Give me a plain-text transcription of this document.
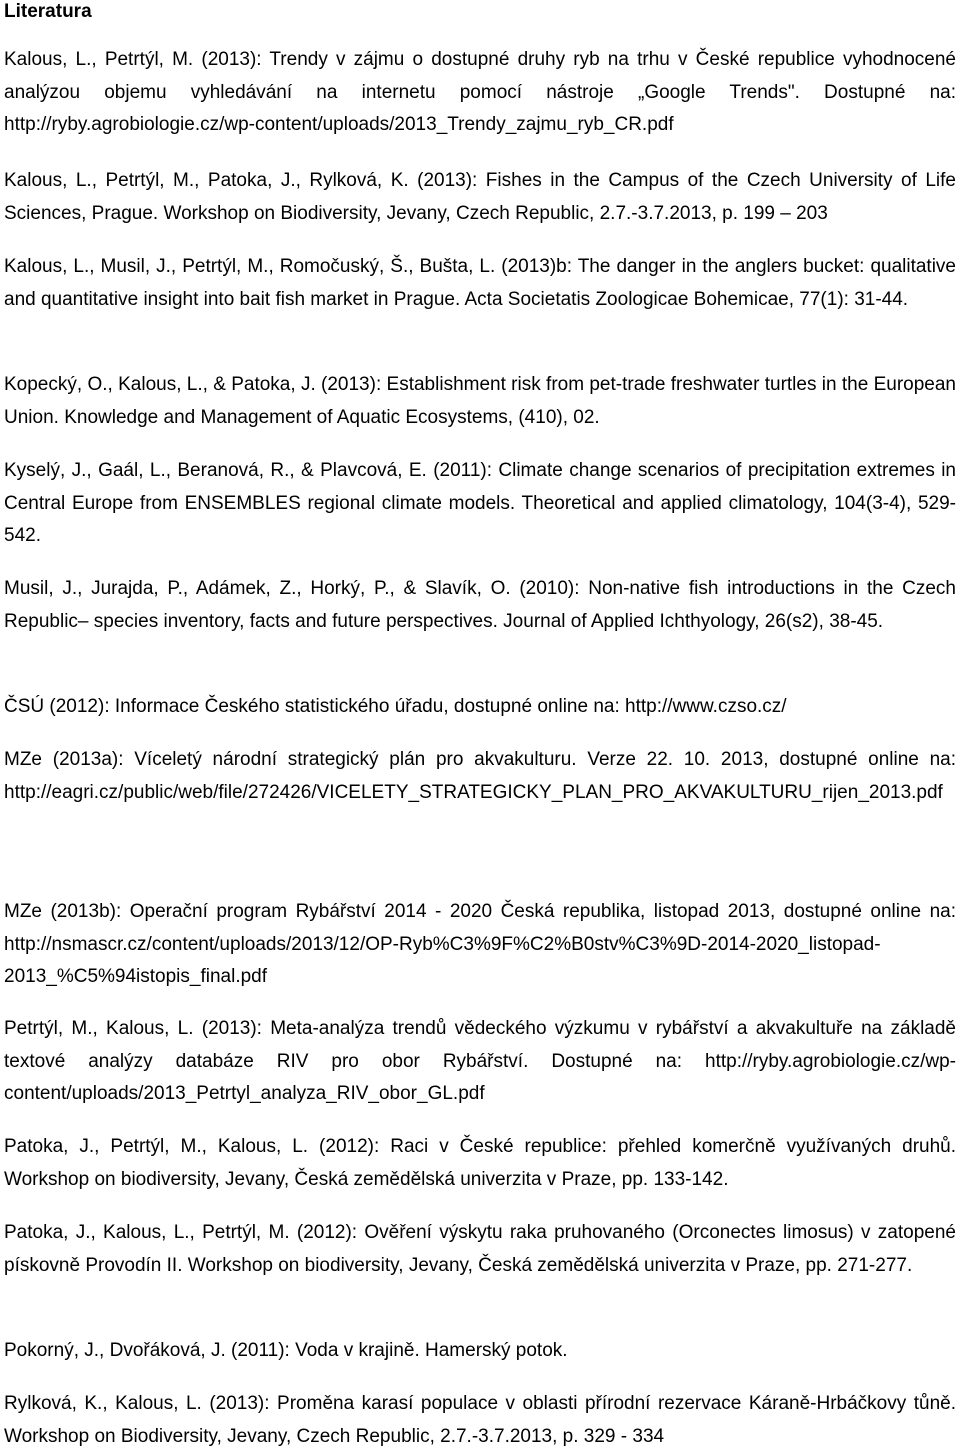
Literatura

Kalous, L., Petrtýl, M. (2013): Trendy v zájmu o dostupné druhy ryb na trhu v České republice vyhodnocené analýzou objemu vyhledávání na internetu pomocí nástroje „Google Trends". Dostupné na: http://ryby.agrobiologie.cz/wp-content/uploads/2013_Trendy_zajmu_ryb_CR.pdf

Kalous, L., Petrtýl, M., Patoka, J., Rylková, K. (2013): Fishes in the Campus of the Czech University of Life Sciences, Prague. Workshop on Biodiversity, Jevany, Czech Republic, 2.7.-3.7.2013, p. 199 – 203

Kalous, L., Musil, J., Petrtýl, M., Romočuský, Š., Bušta, L. (2013)b: The danger in the anglers bucket: qualitative and quantitative insight into bait fish market in Prague. Acta Societatis Zoologicae Bohemicae, 77(1): 31-44.

Kopecký, O., Kalous, L., & Patoka, J. (2013): Establishment risk from pet-trade freshwater turtles in the European Union. Knowledge and Management of Aquatic Ecosystems, (410), 02.

Kyselý, J., Gaál, L., Beranová, R., & Plavcová, E. (2011): Climate change scenarios of precipitation extremes in Central Europe from ENSEMBLES regional climate models. Theoretical and applied climatology, 104(3-4), 529-542.

Musil, J., Jurajda, P., Adámek, Z., Horký, P., & Slavík, O. (2010): Non-native fish introductions in the Czech Republic– species inventory, facts and future perspectives. Journal of Applied Ichthyology, 26(s2), 38-45.

ČSÚ (2012): Informace Českého statistického úřadu, dostupné online na: http://www.czso.cz/

MZe (2013a): Víceletý národní strategický plán pro akvakulturu. Verze 22. 10. 2013, dostupné online na: http://eagri.cz/public/web/file/272426/VICELETY_STRATEGICKY_PLAN_PRO_AKVAKULTURU_rijen_2013.pdf

MZe (2013b): Operační program Rybářství 2014 - 2020 Česká republika, listopad 2013, dostupné online na: http://nsmascr.cz/content/uploads/2013/12/OP-Ryb%C3%9F%C2%B0stv%C3%9D-2014-2020_listopad-2013_%C5%94istopis_final.pdf

Petrtýl, M., Kalous, L. (2013): Meta-analýza trendů vědeckého výzkumu v rybářství a akvakultuře na základě textové analýzy databáze RIV pro obor Rybářství. Dostupné na: http://ryby.agrobiologie.cz/wp-content/uploads/2013_Petrtyl_analyza_RIV_obor_GL.pdf

Patoka, J., Petrtýl, M., Kalous, L. (2012): Raci v České republice: přehled komerčně využívaných druhů. Workshop on biodiversity, Jevany, Česká zemědělská univerzita v Praze, pp. 133-142.

Patoka, J., Kalous, L., Petrtýl, M. (2012): Ověření výskytu raka pruhovaného (Orconectes limosus) v zatopené pískovně Provodín II. Workshop on biodiversity, Jevany, Česká zemědělská univerzita v Praze, pp. 271-277.

Pokorný, J., Dvořáková, J. (2011): Voda v krajině. Hamerský potok.

Rylková, K., Kalous, L. (2013): Proměna karasí populace v oblasti přírodní rezervace Káraně-Hrbáčkovy tůně. Workshop on Biodiversity, Jevany, Czech Republic, 2.7.-3.7.2013, p. 329 - 334
